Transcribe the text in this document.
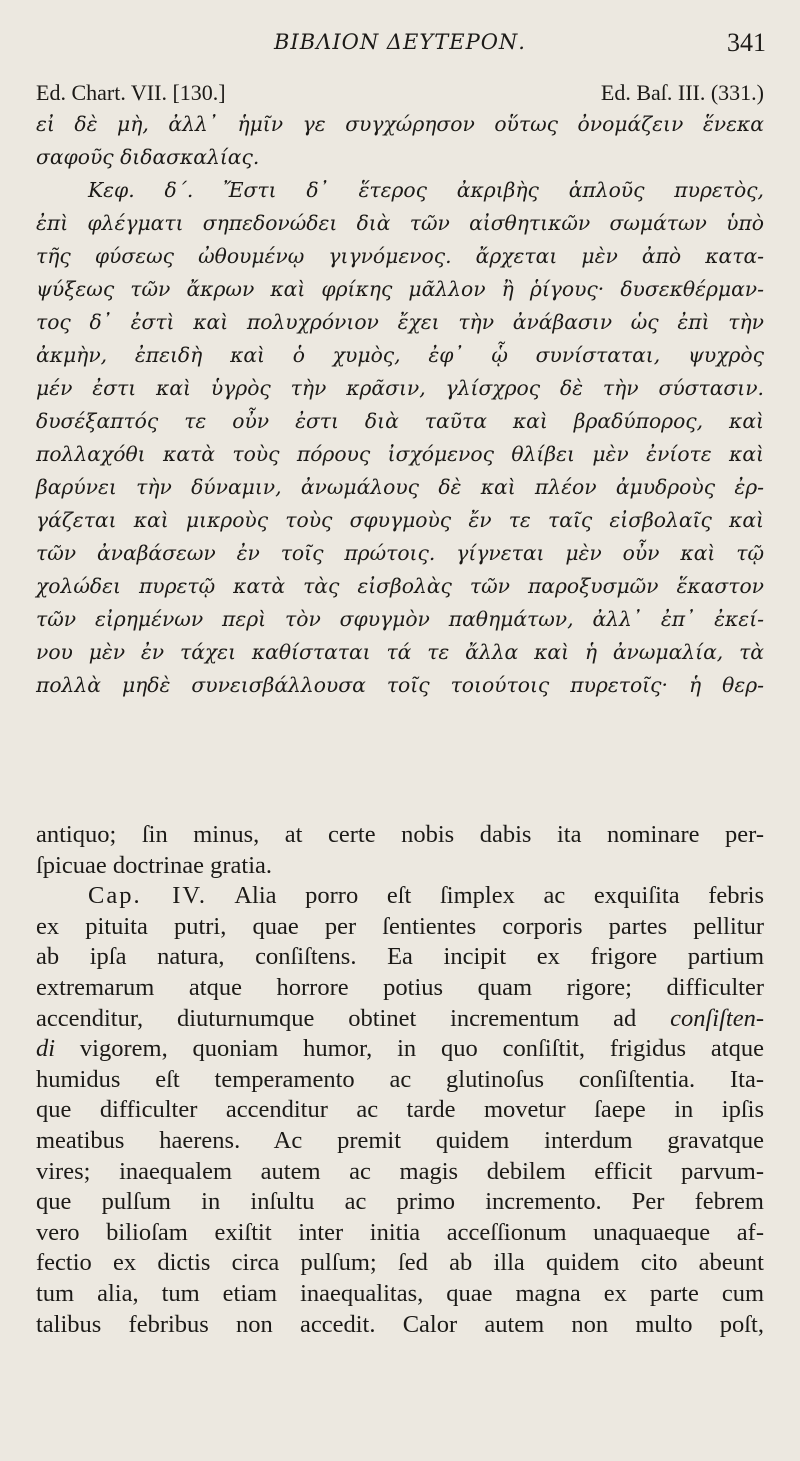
ΒΙΒΛΙΟΝ ΔΕΥΤΕΡΟΝ.	341
Ed. Chart. VII. [130.]	Ed. Baſ. III. (331.)
εἰ δὲ μὴ, ἀλλ᾽ ἡμῖν γε συγχώρησον οὕτως ὀνομάζειν ἕνεκα
σαφοῦς διδασκαλίας.
Κεφ. δ΄. Ἔστι δ᾽ ἕτερος ἀκριβὴς ἁπλοῦς πυρετὸς,
ἐπὶ φλέγματι σηπεδονώδει διὰ τῶν αἰσθητικῶν σωμάτων ὑπὸ
τῆς φύσεως ὠθουμένῳ γιγνόμενος. ἄρχεται μὲν ἀπὸ κατα-
ψύξεως τῶν ἄκρων καὶ φρίκης μᾶλλον ἢ ῥίγους· δυσεκθέρμαν-
τος δ᾽ ἐστὶ καὶ πολυχρόνιον ἔχει τὴν ἀνάβασιν ὡς ἐπὶ τὴν
ἀκμὴν, ἐπειδὴ καὶ ὁ χυμὸς, ἐφ᾽ ᾧ συνίσταται, ψυχρὸς
μέν ἐστι καὶ ὑγρὸς τὴν κρᾶσιν, γλίσχρος δὲ τὴν σύστασιν.
δυσέξαπτός τε οὖν ἐστι διὰ ταῦτα καὶ βραδύπορος, καὶ
πολλαχόθι κατὰ τοὺς πόρους ἰσχόμενος θλίβει μὲν ἐνίοτε καὶ
βαρύνει τὴν δύναμιν, ἀνωμάλους δὲ καὶ πλέον ἀμυδροὺς ἐρ-
γάζεται καὶ μικροὺς τοὺς σφυγμοὺς ἔν τε ταῖς εἰσβολαῖς καὶ
τῶν ἀναβάσεων ἐν τοῖς πρώτοις. γίγνεται μὲν οὖν καὶ τῷ
χολώδει πυρετῷ κατὰ τὰς εἰσβολὰς τῶν παροξυσμῶν ἕκαστον
τῶν εἰρημένων περὶ τὸν σφυγμὸν παθημάτων, ἀλλ᾽ ἐπ᾽ ἐκεί-
νου μὲν ἐν τάχει καθίσταται τά τε ἄλλα καὶ ἡ ἀνωμαλία, τὰ
πολλὰ μηδὲ συνεισβάλλουσα τοῖς τοιούτοις πυρετοῖς· ἡ θερ-
antiquo; ſin minus, at certe nobis dabis ita nominare per-
ſpicuae doctrinae gratia.
Cap. IV. Alia porro eſt ſimplex ac exquiſita febris
ex pituita putri, quae per ſentientes corporis partes pellitur
ab ipſa natura, conſiſtens. Ea incipit ex frigore partium
extremarum atque horrore potius quam rigore; difficulter
accenditur, diuturnumque obtinet incrementum ad conſiſten-
di vigorem, quoniam humor, in quo conſiſtit, frigidus atque
humidus eſt temperamento ac glutinoſus conſiſtentia. Ita-
que difficulter accenditur ac tarde movetur ſaepe in ipſis
meatibus haerens. Ac premit quidem interdum gravatque
vires; inaequalem autem ac magis debilem efficit parvum-
que pulſum in inſultu ac primo incremento. Per febrem
vero bilioſam exiſtit inter initia acceſſionum unaquaeque af-
fectio ex dictis circa pulſum; ſed ab illa quidem cito abeunt
tum alia, tum etiam inaequalitas, quae magna ex parte cum
talibus febribus non accedit. Calor autem non multo poſt,
